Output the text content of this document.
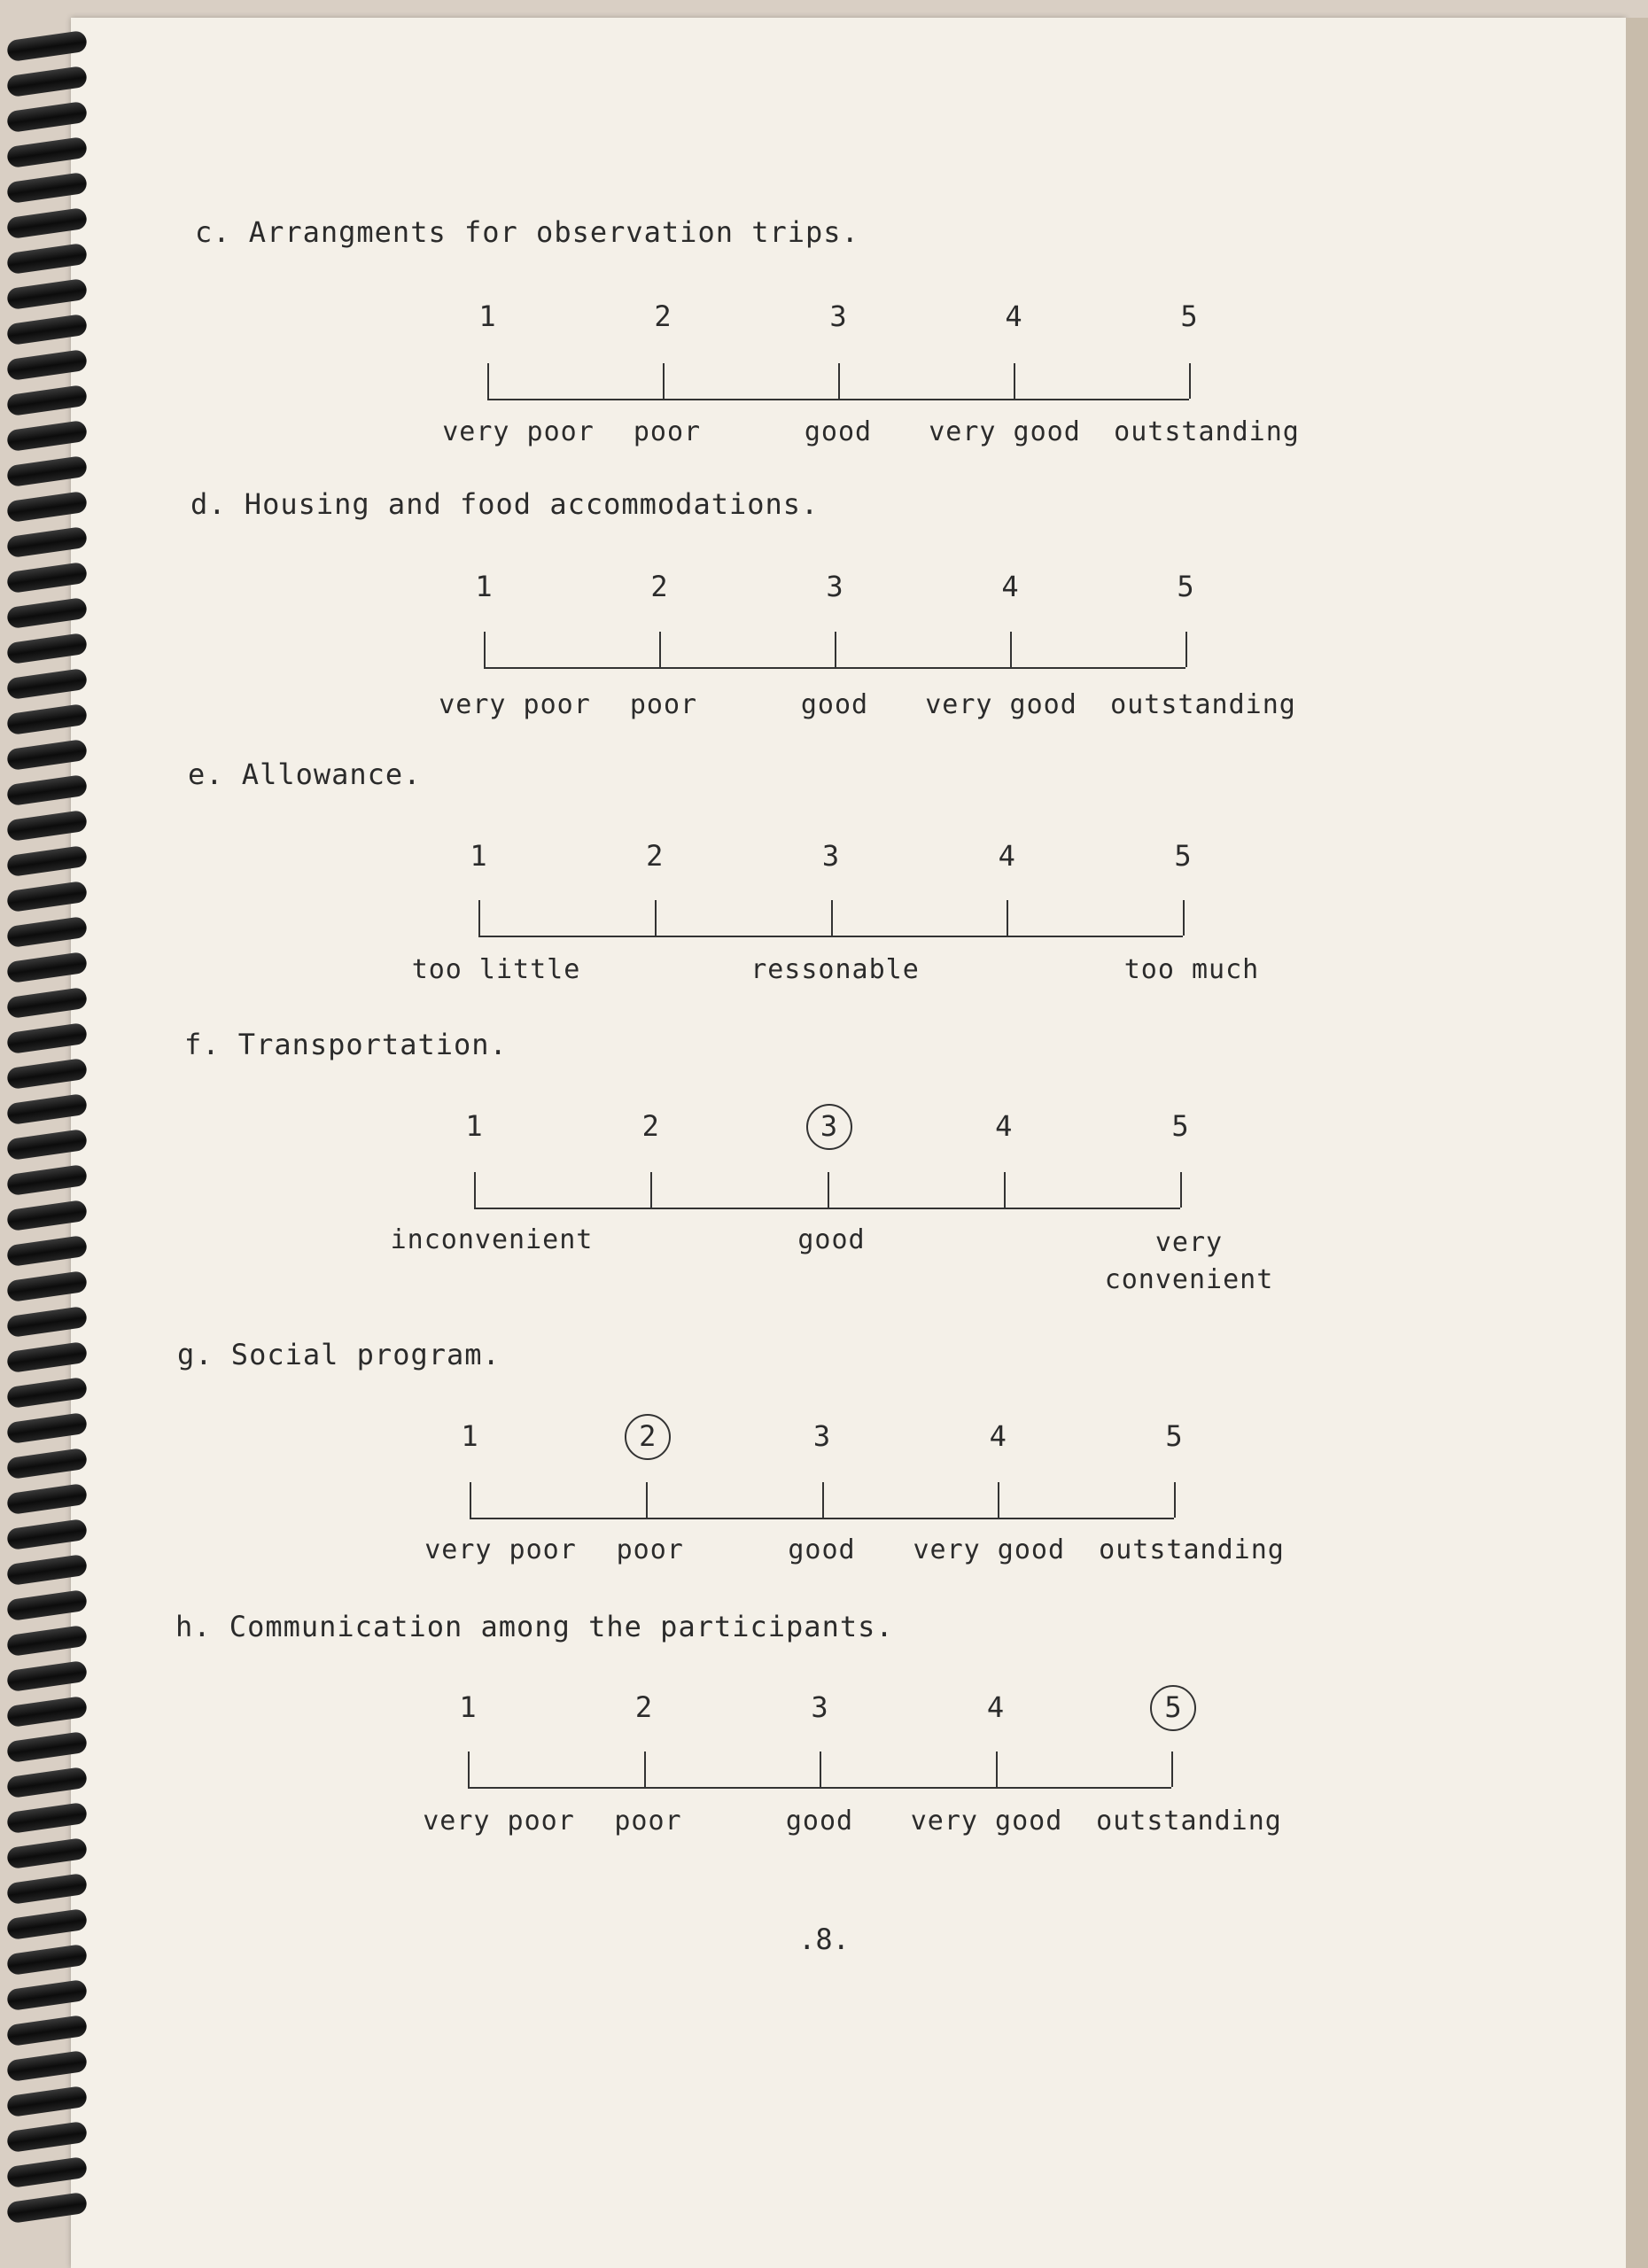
c. Arrangments for observation trips.
1	2	3	4	5
very poor poor	good very good outstanding
d. Housing and food accommodations.
1	2	3	4	5
very poor poor	good very good outstanding
e. Allowance.
1	2	3	4	5
too little	ressonable	too much
f. Transportation.
1	2	3	4	5
inconvenient	good	very
convenient
g. Social program.
1	2	3	4	5
very poor poor	good very good outstanding
h. Communication among the participants.
1	2	3	4	5
very poor poor	good very good outstanding
.8.
